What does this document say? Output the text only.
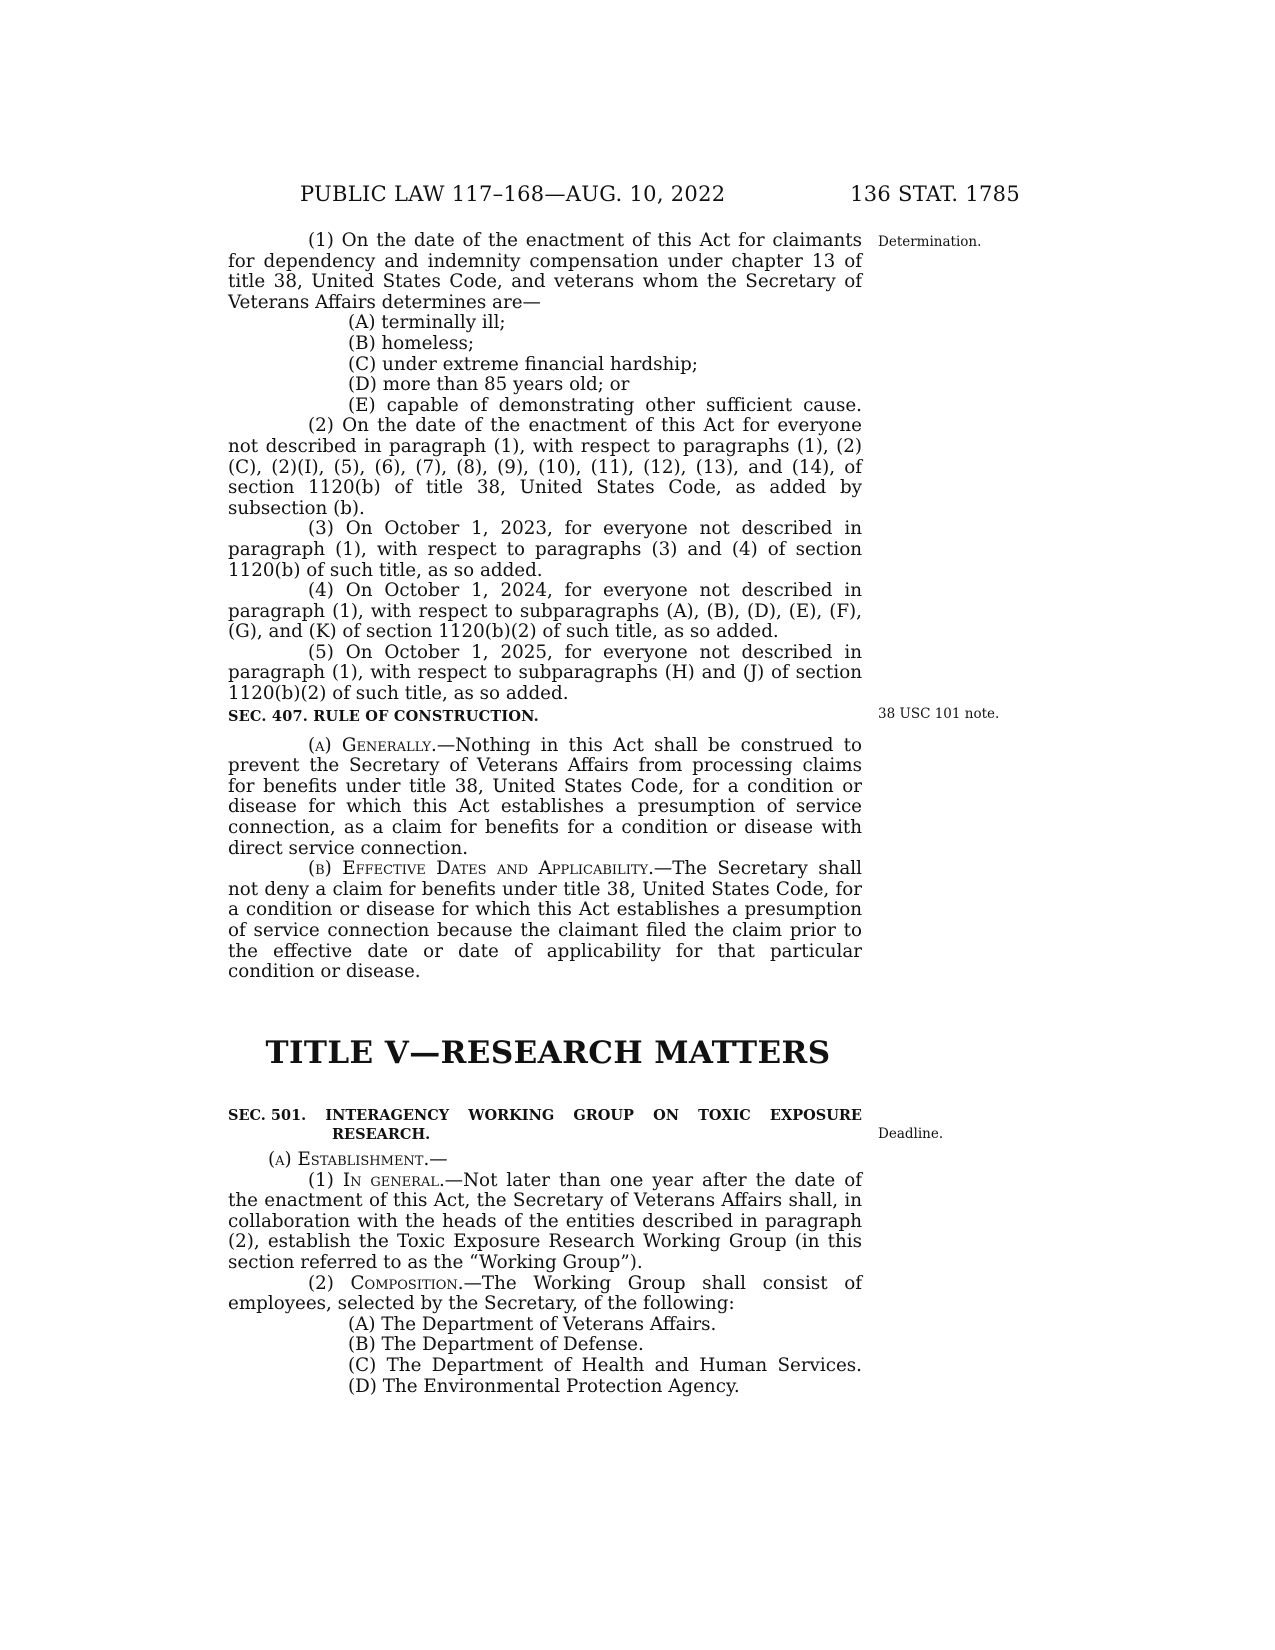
PUBLIC LAW 117–168—AUG. 10, 2022	136 STAT. 1785
Determination.
38 USC 101 note.
Deadline.

(1) On the date of the enactment of this Act for claimants for dependency and indemnity compensation under chapter 13 of title 38, United States Code, and veterans whom the Secretary of Veterans Affairs determines are—

(A) terminally ill;

(B) homeless;

(C) under extreme financial hardship;

(D) more than 85 years old; or

(E) capable of demonstrating other sufficient cause.

(2) On the date of the enactment of this Act for everyone not described in paragraph (1), with respect to paragraphs (1), (2)(C), (2)(I), (5), (6), (7), (8), (9), (10), (11), (12), (13), and (14), of section 1120(b) of title 38, United States Code, as added by subsection (b).

(3) On October 1, 2023, for everyone not described in paragraph (1), with respect to paragraphs (3) and (4) of section 1120(b) of such title, as so added.

(4) On October 1, 2024, for everyone not described in paragraph (1), with respect to subparagraphs (A), (B), (D), (E), (F), (G), and (K) of section 1120(b)(2) of such title, as so added.

(5) On October 1, 2025, for everyone not described in paragraph (1), with respect to subparagraphs (H) and (J) of section 1120(b)(2) of such title, as so added.

SEC. 407. RULE OF CONSTRUCTION.

(a) Generally.—Nothing in this Act shall be construed to prevent the Secretary of Veterans Affairs from processing claims for benefits under title 38, United States Code, for a condition or disease for which this Act establishes a presumption of service connection, as a claim for benefits for a condition or disease with direct service connection.

(b) Effective Dates and Applicability.—The Secretary shall not deny a claim for benefits under title 38, United States Code, for a condition or disease for which this Act establishes a presumption of service connection because the claimant filed the claim prior to the effective date or date of applicability for that particular condition or disease.

TITLE V—RESEARCH MATTERS
SEC. 501. INTERAGENCY WORKING GROUP ON TOXIC EXPOSURE
RESEARCH.

(a) Establishment.—

(1) In general.—Not later than one year after the date of the enactment of this Act, the Secretary of Veterans Affairs shall, in collaboration with the heads of the entities described in paragraph (2), establish the Toxic Exposure Research Working Group (in this section referred to as the “Working Group”).

(2) Composition.—The Working Group shall consist of employees, selected by the Secretary, of the following:

(A) The Department of Veterans Affairs.

(B) The Department of Defense.

(C) The Department of Health and Human Services.

(D) The Environmental Protection Agency.
